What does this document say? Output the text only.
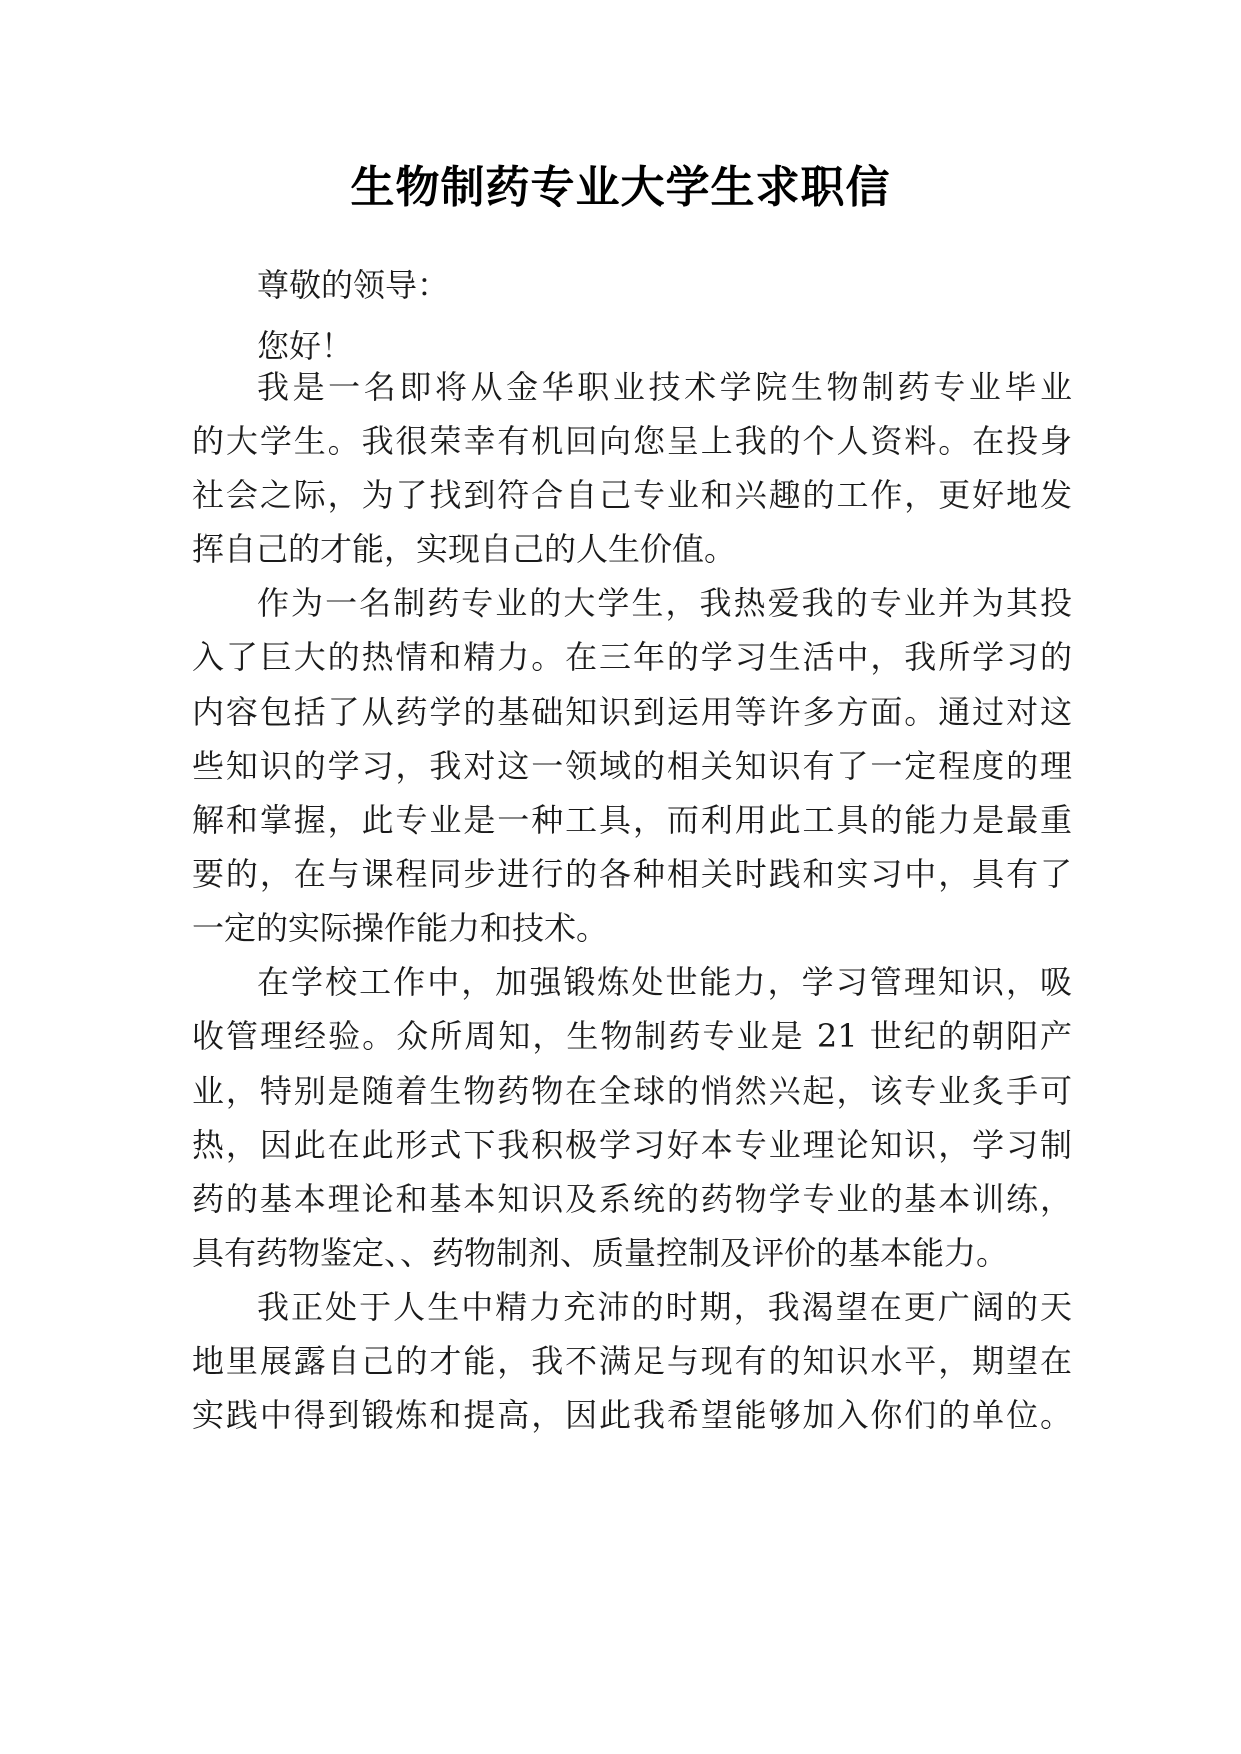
生物制药专业大学生求职信

尊敬的领导：

您好！

我是一名即将从金华职业技术学院生物制药专业毕业

的大学生。我很荣幸有机回向您呈上我的个人资料。在投身

社会之际，为了找到符合自己专业和兴趣的工作，更好地发

挥自己的才能，实现自己的人生价值。

作为一名制药专业的大学生，我热爱我的专业并为其投

入了巨大的热情和精力。在三年的学习生活中，我所学习的

内容包括了从药学的基础知识到运用等许多方面。通过对这

些知识的学习，我对这一领域的相关知识有了一定程度的理

解和掌握，此专业是一种工具，而利用此工具的能力是最重

要的，在与课程同步进行的各种相关时践和实习中，具有了

一定的实际操作能力和技术。

在学校工作中，加强锻炼处世能力，学习管理知识，吸

收管理经验。众所周知，生物制药专业是 21 世纪的朝阳产

业，特别是随着生物药物在全球的悄然兴起，该专业炙手可

热，因此在此形式下我积极学习好本专业理论知识，学习制

药的基本理论和基本知识及系统的药物学专业的基本训练，

具有药物鉴定、、药物制剂、质量控制及评价的基本能力。

我正处于人生中精力充沛的时期，我渴望在更广阔的天

地里展露自己的才能，我不满足与现有的知识水平，期望在

实践中得到锻炼和提高，因此我希望能够加入你们的单位。
